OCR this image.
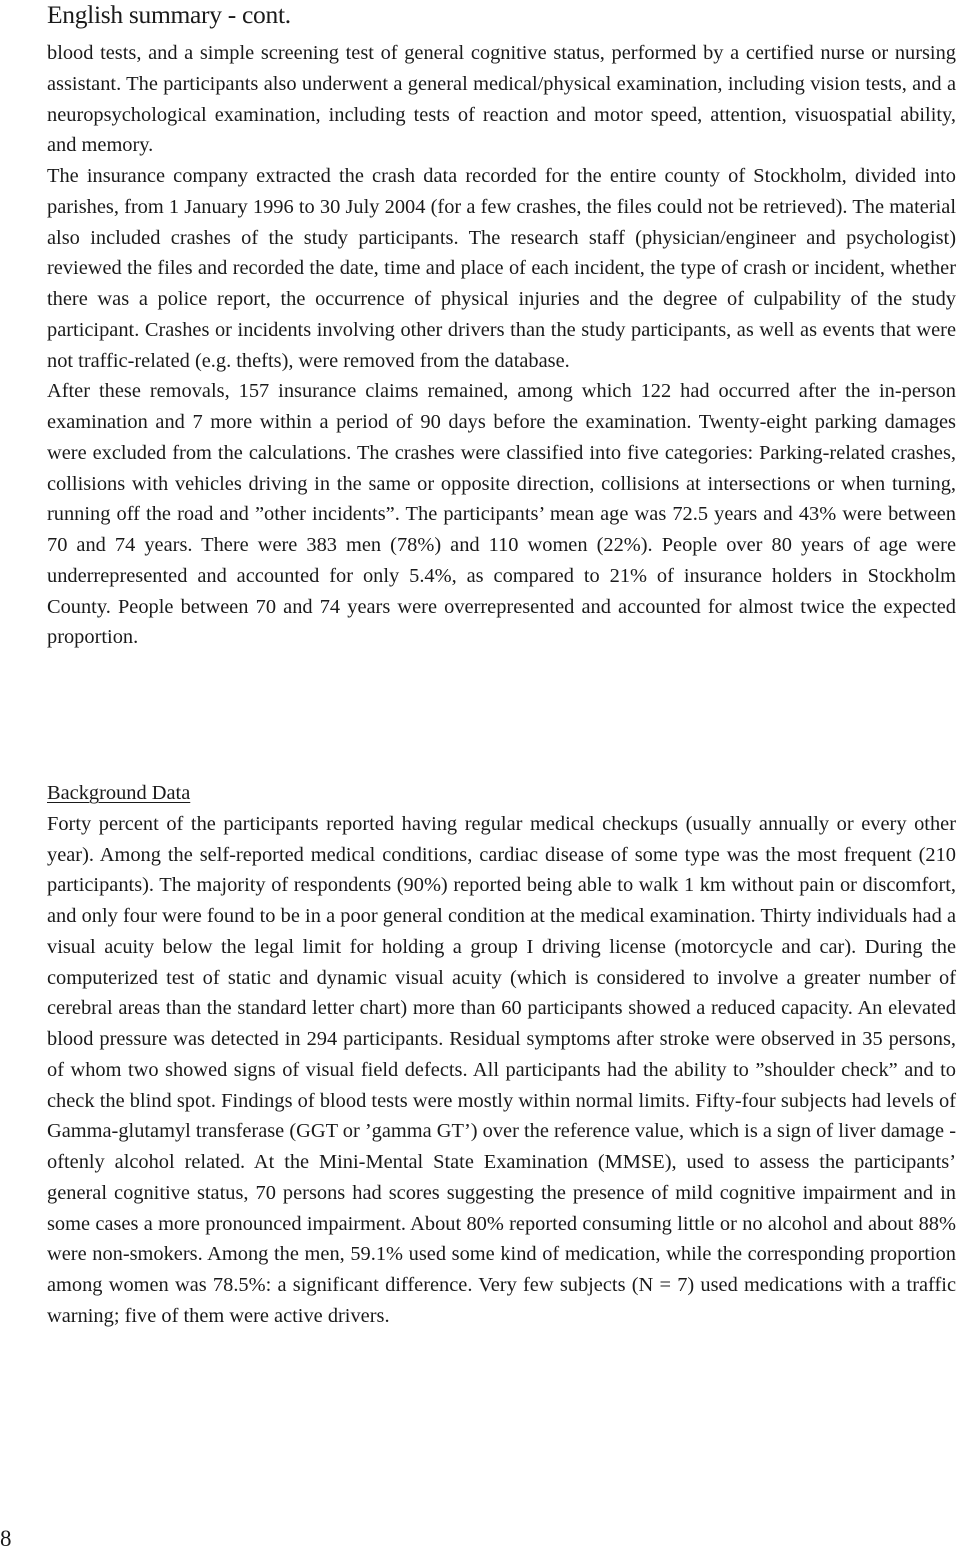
English summary - cont.

blood tests, and a simple screening test of general cognitive status, performed by a certified nurse or nursing assistant. The participants also underwent a general medical/physical examination, including vision tests, and a neuropsychological examination, including tests of reaction and motor speed, attention, visuospatial ability, and memory.

The insurance company extracted the crash data recorded for the entire county of Stockholm, divided into parishes, from 1 January 1996 to 30 July 2004 (for a few crashes, the files could not be retrieved). The material also included crashes of the study participants. The research staff (physician/engineer and psychologist) reviewed the files and recorded the date, time and place of each incident, the type of crash or incident, whether there was a police report, the occurrence of physical injuries and the degree of culpability of the study participant. Crashes or incidents involving other drivers than the study participants, as well as events that were not traffic-related (e.g. thefts), were removed from the database.

After these removals, 157 insurance claims remained, among which 122 had occurred after the in-person examination and 7 more within a period of 90 days before the examination. Twenty-eight parking damages were excluded from the calculations. The crashes were classified into five categories: Parking-related crashes, collisions with vehicles driving in the same or opposite direction, collisions at intersections or when turning, running off the road and ”other incidents”. The participants’ mean age was 72.5 years and 43% were between 70 and 74 years. There were 383 men (78%) and 110 women (22%). People over 80 years of age were underrepresented and accounted for only 5.4%, as compared to 21% of insurance holders in Stockholm County. People between 70 and 74 years were overrepresented and accounted for almost twice the expected proportion.

Background Data

Forty percent of the participants reported having regular medical checkups (usually annually or every other year). Among the self-reported medical conditions, cardiac disease of some type was the most frequent (210 participants). The majority of respondents (90%) reported being able to walk 1 km without pain or discomfort, and only four were found to be in a poor general condition at the medical examination. Thirty individuals had a visual acuity below the legal limit for holding a group I driving license (motorcycle and car). During the computerized test of static and dynamic visual acuity (which is considered to involve a greater number of cerebral areas than the standard letter chart) more than 60 participants showed a reduced capacity. An elevated blood pressure was detected in 294 participants. Residual symptoms after stroke were observed in 35 persons, of whom two showed signs of visual field defects. All participants had the ability to ”shoulder check” and to check the blind spot. Findings of blood tests were mostly within normal limits. Fifty-four subjects had levels of Gamma-glutamyl transferase (GGT or ’gamma GT’) over the reference value, which is a sign of liver damage - oftenly alcohol related. At the Mini-Mental State Examination (MMSE), used to assess the participants’ general cognitive status, 70 persons had scores suggesting the presence of mild cognitive impairment and in some cases a more pronounced impairment. About 80% reported consuming little or no alcohol and about 88% were non-smokers. Among the men, 59.1% used some kind of medication, while the corresponding proportion among women was 78.5%: a significant difference. Very few subjects (N = 7) used medications with a traffic warning; five of them were active drivers.

8
